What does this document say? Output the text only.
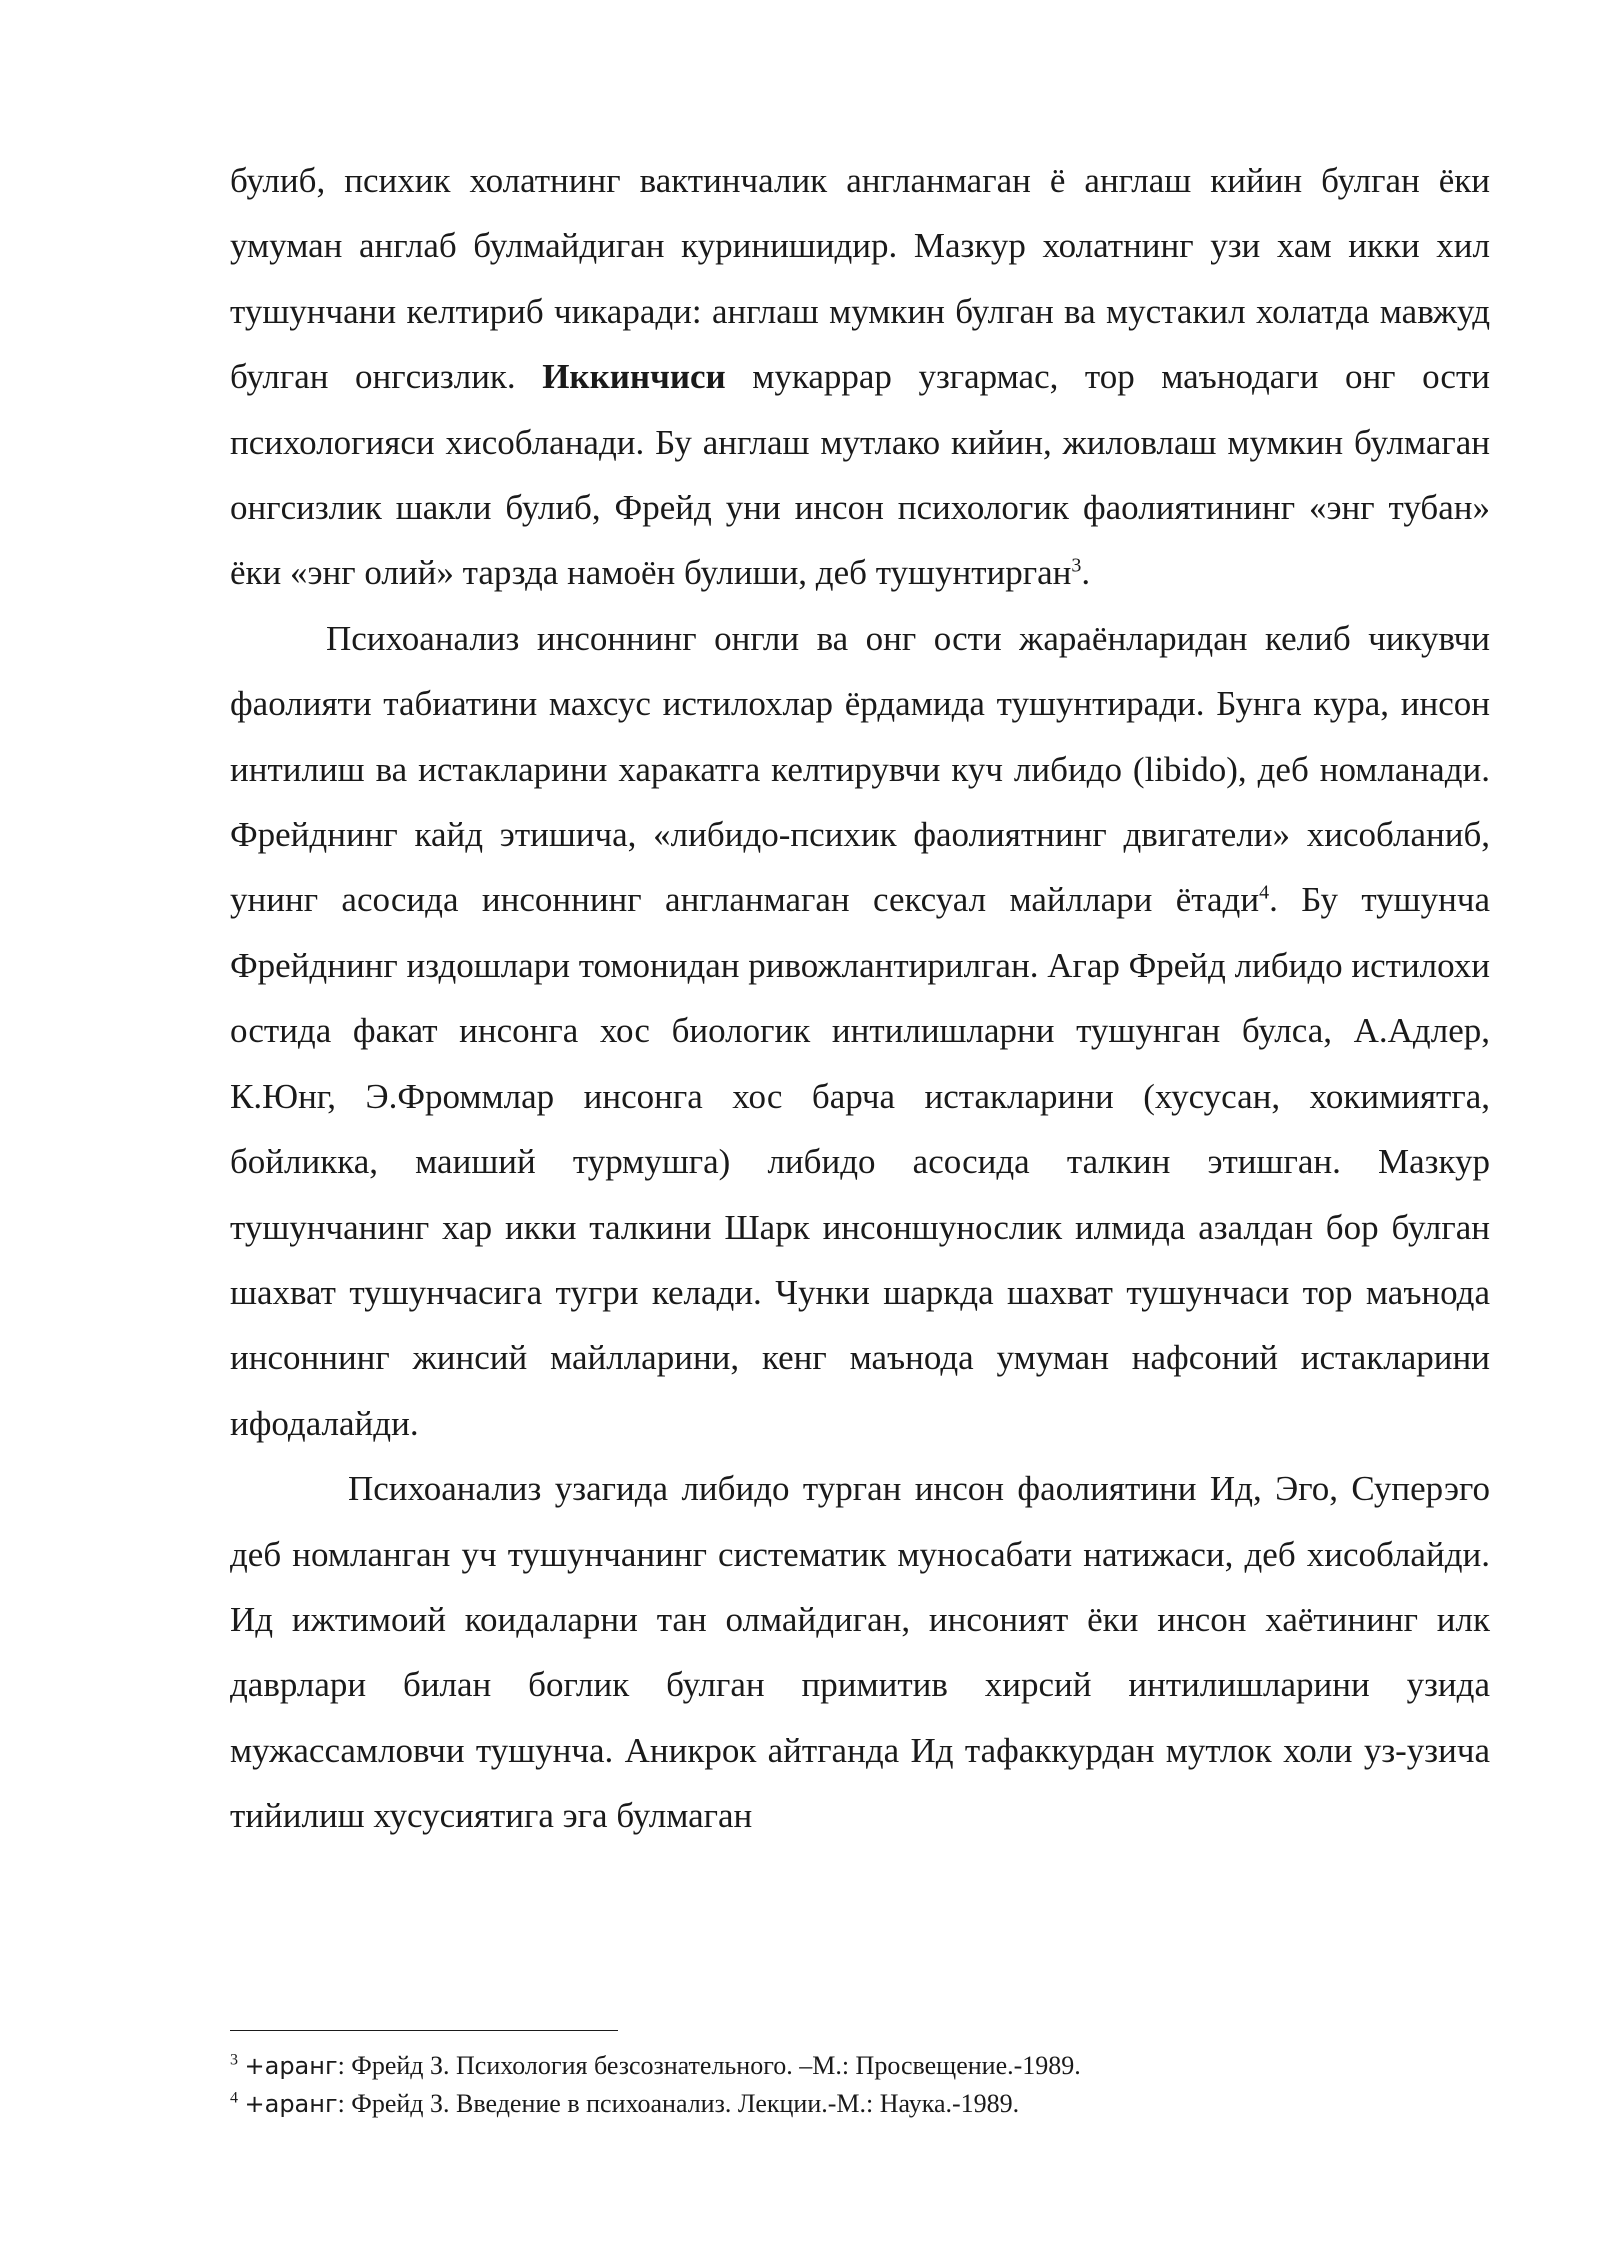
булиб, психик холатнинг вактинчалик англанмаган ё англаш кийин булган ёки умуман англаб булмайдиган куринишидир. Мазкур холатнинг узи хам икки хил тушунчани келтириб чикаради: англаш мумкин булган ва мустакил холатда мавжуд булган онгсизлик. Иккинчиси мукаррар узгармас, тор маънодаги онг ости психологияси хисобланади. Бу англаш мутлако кийин, жиловлаш мумкин булмаган онгсизлик шакли булиб, Фрейд уни инсон психологик фаолиятининг «энг тубан» ёки «энг олий» тарзда намоён булиши, деб тушунтирган$^3$.

Психоанализ инсоннинг онгли ва онг ости жараёнларидан келиб чикувчи фаолияти табиатини махсус истилохлар ёрдамида тушунтиради. Бунга кура, инсон интилиш ва истакларини харакатга келтирувчи куч либидо (libido), деб номланади. Фрейднинг кайд этишича, «либидо-психик фаолиятнинг двигатели» хисобланиб, унинг асосида инсоннинг англанмаган сексуал майллари ётади$^4$. Бу тушунча Фрейднинг издошлари томонидан ривожлантирилган. Агар Фрейд либидо истилохи остида факат инсонга хос биологик интилишларни тушунган булса, А.Адлер, К.Юнг, Э.Фроммлар инсонга хос барча истакларини (хусусан, хокимиятга, бойликка, маиший турмушга) либидо асосида талкин этишган. Мазкур тушунчанинг хар икки талкини Шарк инсоншунослик илмида азалдан бор булган шахват тушунчасига тугри келади. Чунки шаркда шахват тушунчаси тор маънода инсоннинг жинсий майлларини, кенг маънода умуман нафсоний истакларини ифодалайди.

Психоанализ узагида либидо турган инсон фаолиятини Ид, Эго, Суперэго деб номланган уч тушунчанинг систематик муносабати натижаси, деб хисоблайди. Ид ижтимоий коидаларни тан олмайдиган, инсоният ёки инсон хаётининг илк даврлари билан боглик булган примитив хирсий интилишларини узида мужассамловчи тушунча. Аникрок айтганда Ид тафаккурдан мутлок холи уз-узича тийилиш хусусиятига эга булмаган

$^3$ +аранг: Фрейд З. Психология безсознательного. –М.: Просвещение.-1989.

$^4$ +аранг: Фрейд З. Введение в психоанализ. Лекции.-М.: Наука.-1989.
